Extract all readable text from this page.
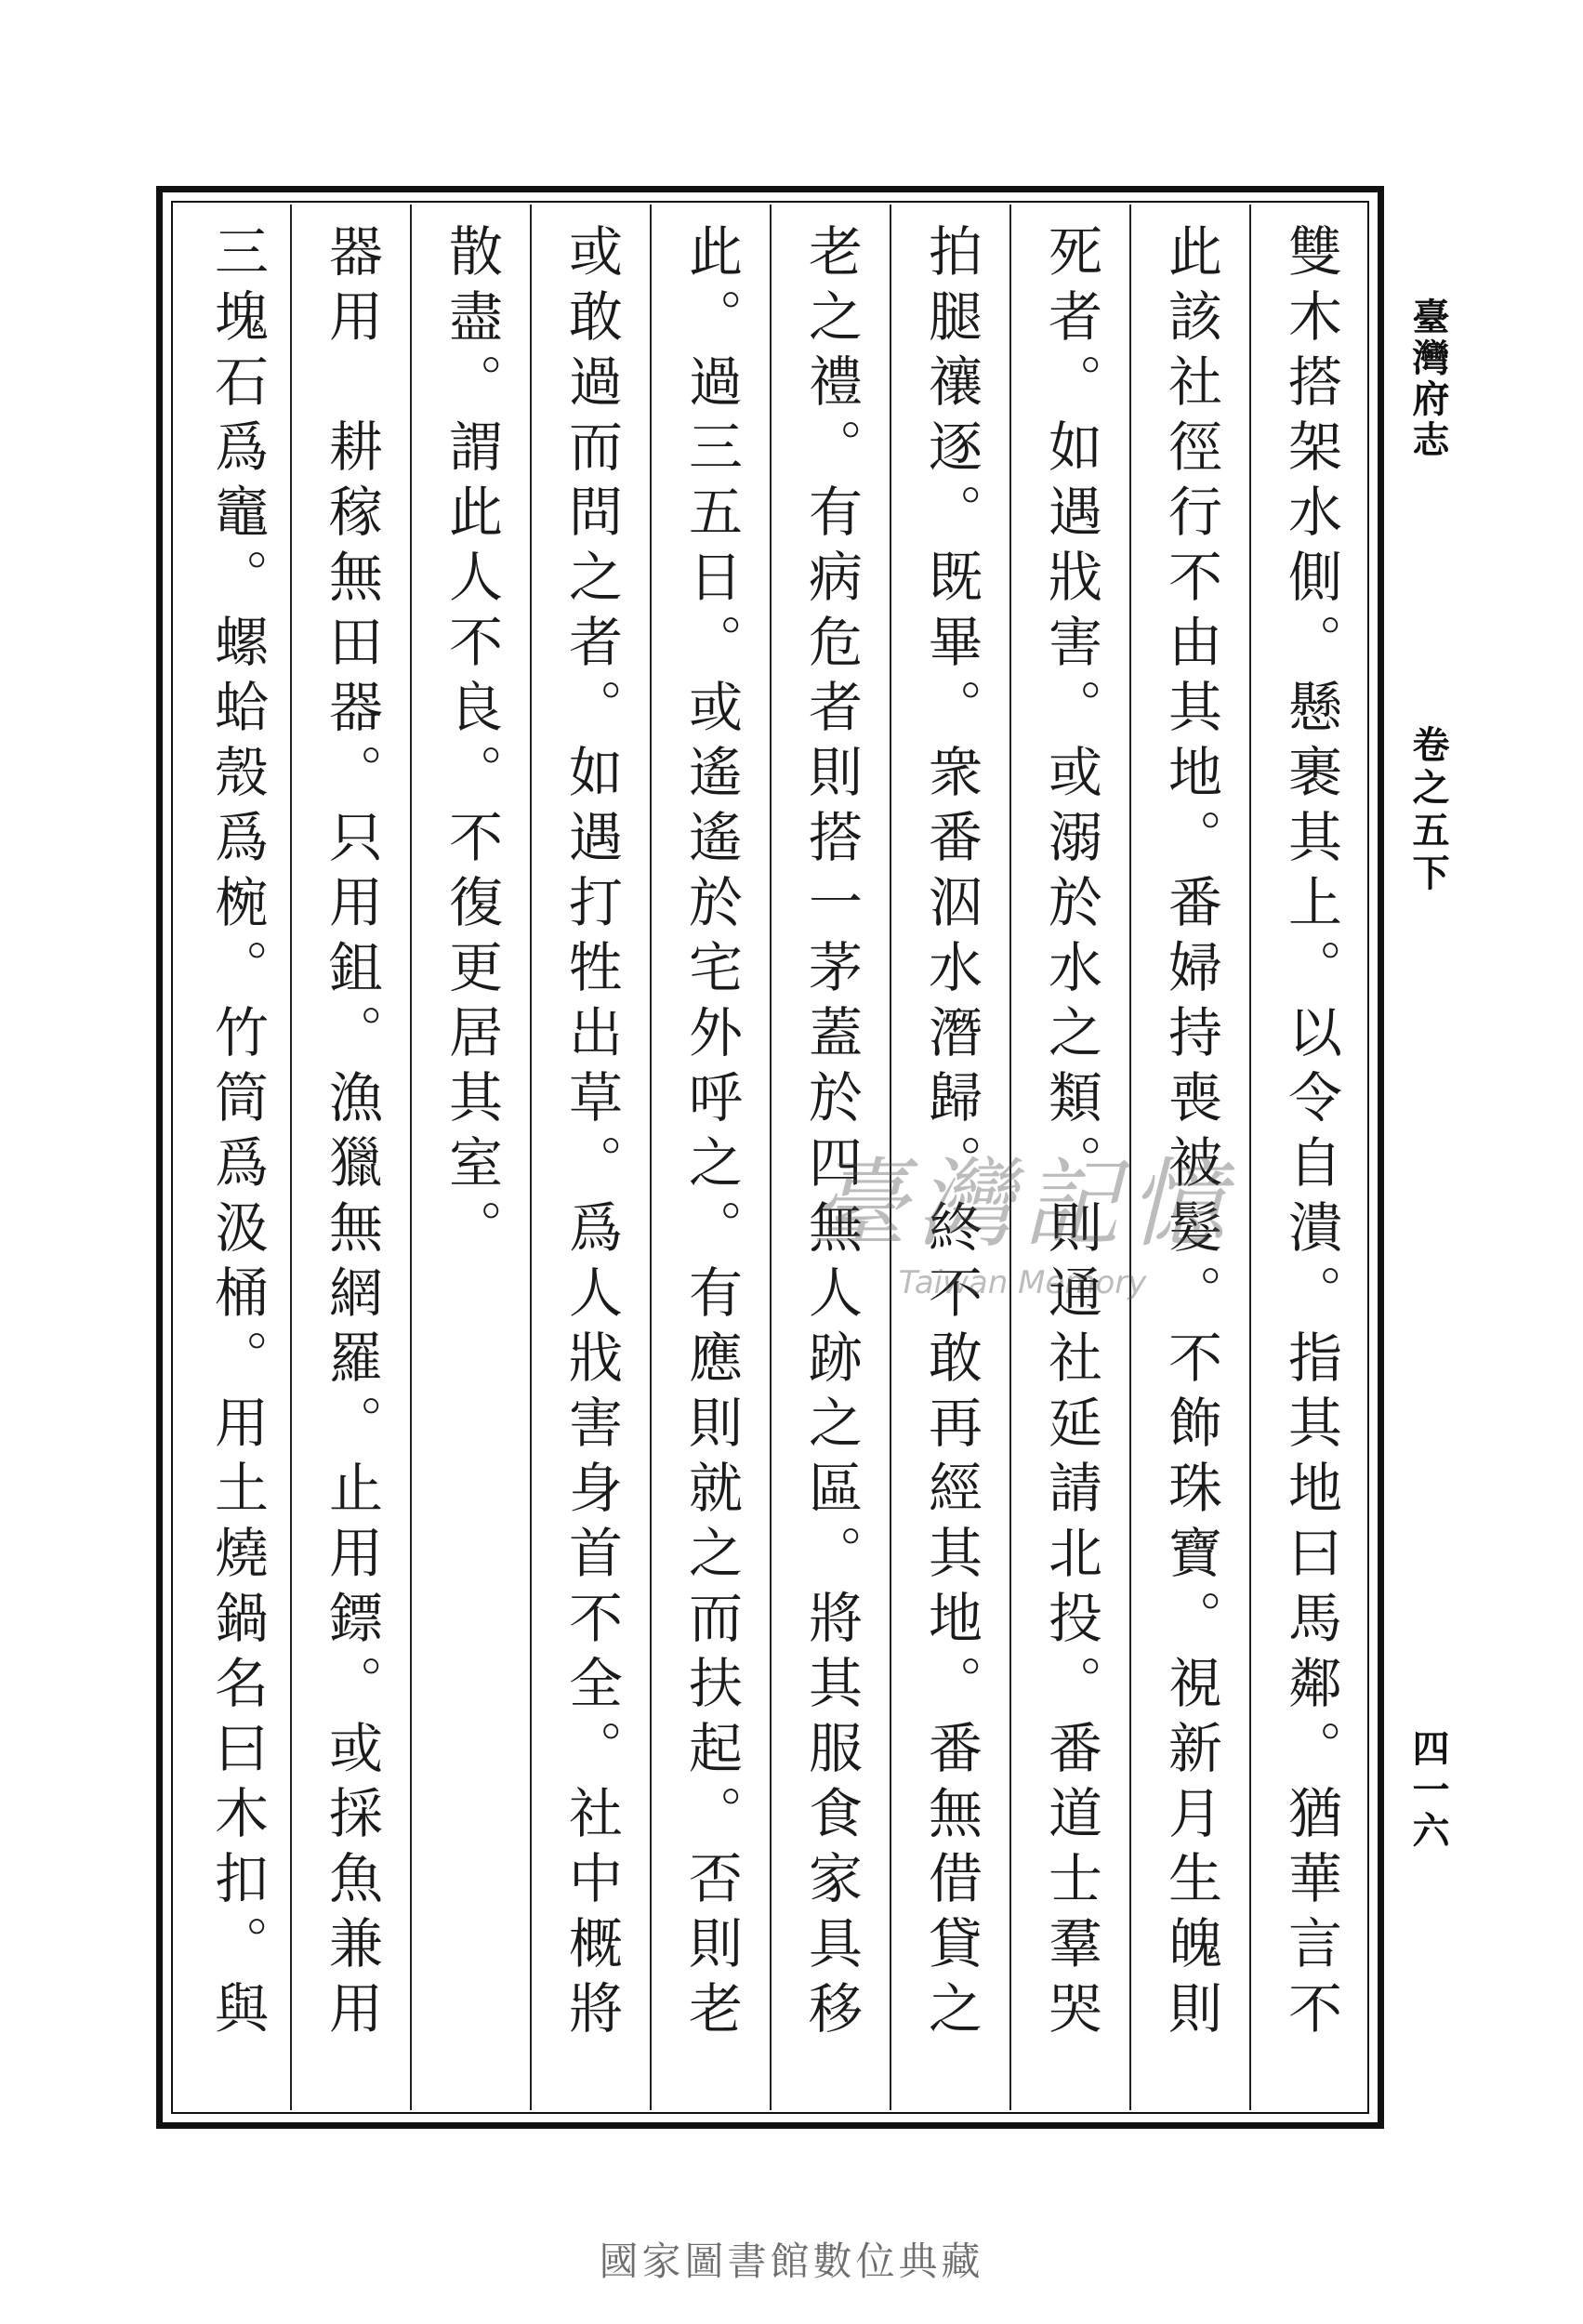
雙木搭架水側。懸裹其上。以令自潰。指其地曰馬鄰。猶華言不
此該社徑行不由其地。番婦持喪被髮。不飾珠寶。視新月生魄則
死者。如遇戕害。或溺於水之類。則通社延請北投。番道士羣哭
拍腿禳逐。既畢。衆番泅水潛歸。終不敢再經其地。番無借貸之
老之禮。有病危者則搭一茅蓋於四無人跡之區。將其服食家具移
此。過三五日。或遙遙於宅外呼之。有應則就之而扶起。否則老
或敢過而問之者。如遇打牲出草。爲人戕害身首不全。社中概將
散盡。謂此人不良。不復更居其室。
器用　耕稼無田器。只用鉏。漁獵無網羅。止用鏢。或採魚兼用
三塊石爲竈。螺蛤殼爲椀。竹筒爲汲桶。用土燒鍋名曰木扣。與
臺灣府志
卷之五下
四一六
臺灣記憶
Taiwan Memory
國家圖書館數位典藏
